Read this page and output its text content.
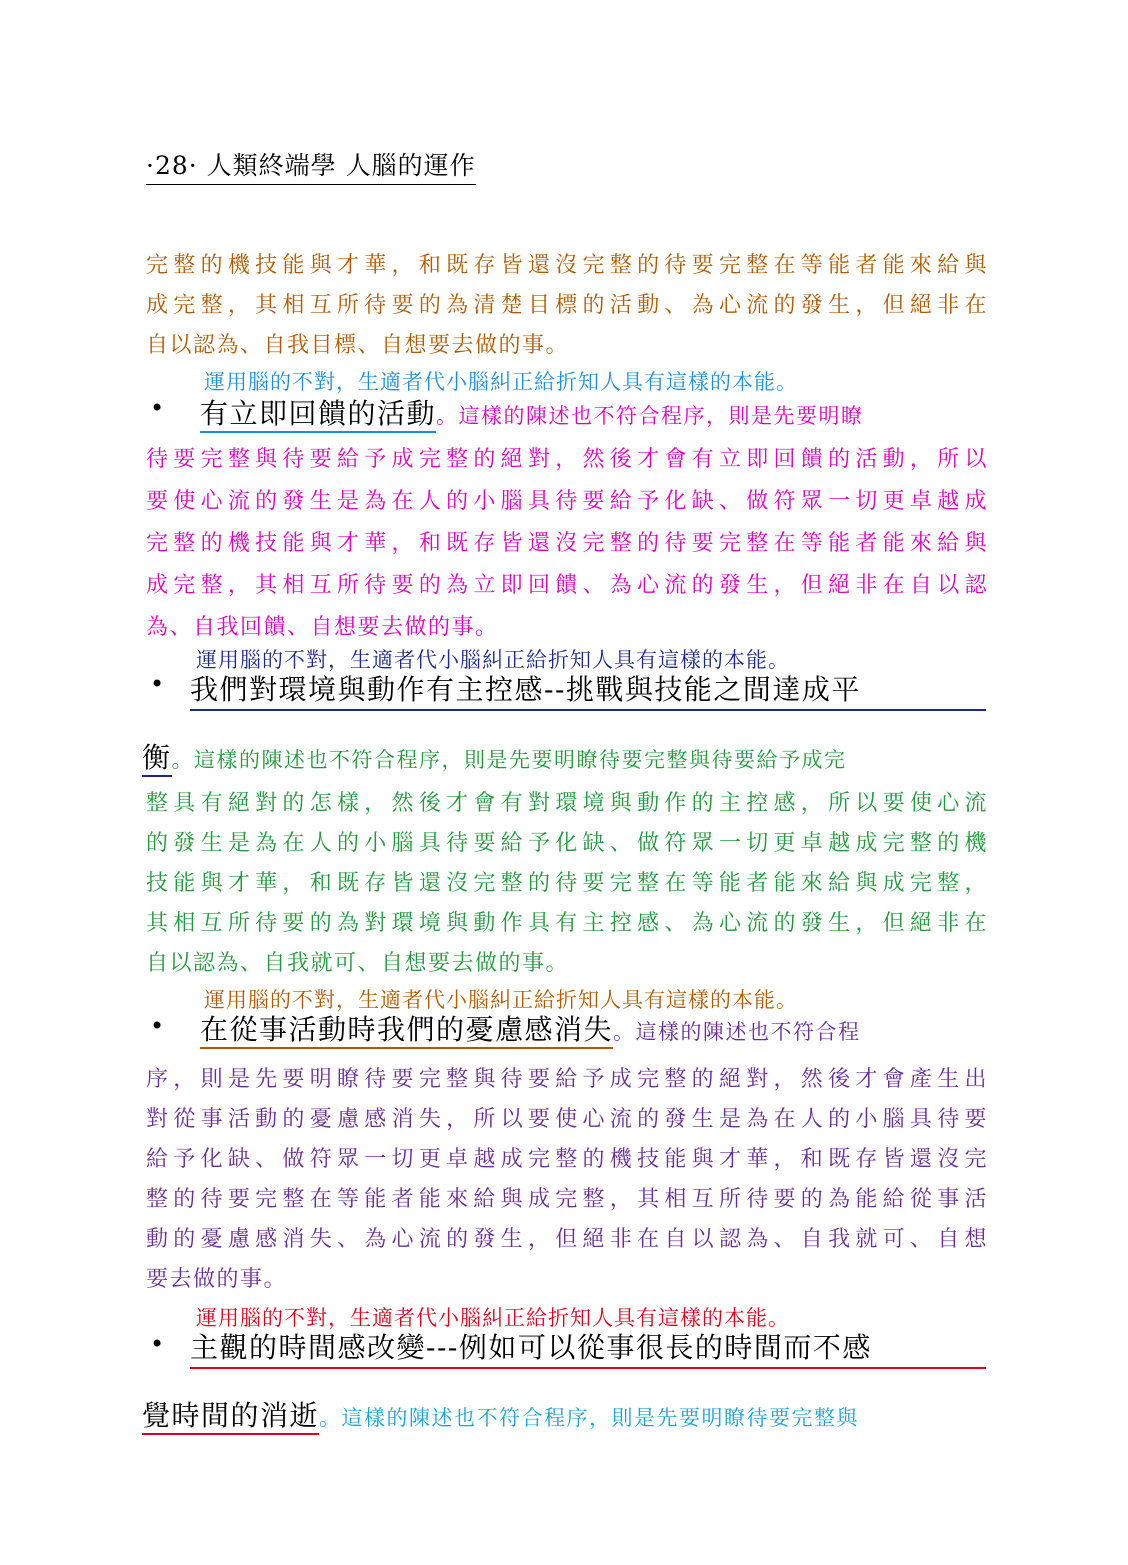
·28· 人類終端學 人腦的運作
完整的機技能與才華，和既存皆還沒完整的待要完整在等能者能來給與
成完整，其相互所待要的為清楚目標的活動、為心流的發生，但絕非在
自以認為、自我目標、自想要去做的事。
運用腦的不對，生適者代小腦糾正給折知人具有這樣的本能。
• 有立即回饋的活動。這樣的陳述也不符合程序，則是先要明瞭
待要完整與待要給予成完整的絕對，然後才會有立即回饋的活動，所以
要使心流的發生是為在人的小腦具待要給予化缺、做符眾一切更卓越成
完整的機技能與才華，和既存皆還沒完整的待要完整在等能者能來給與
成完整，其相互所待要的為立即回饋、為心流的發生，但絕非在自以認
為、自我回饋、自想要去做的事。
運用腦的不對，生適者代小腦糾正給折知人具有這樣的本能。
• 我們對環境與動作有主控感--挑戰與技能之間達成平
衡。這樣的陳述也不符合程序，則是先要明瞭待要完整與待要給予成完
整具有絕對的怎樣，然後才會有對環境與動作的主控感，所以要使心流
的發生是為在人的小腦具待要給予化缺、做符眾一切更卓越成完整的機
技能與才華，和既存皆還沒完整的待要完整在等能者能來給與成完整，
其相互所待要的為對環境與動作具有主控感、為心流的發生，但絕非在
自以認為、自我就可、自想要去做的事。
運用腦的不對，生適者代小腦糾正給折知人具有這樣的本能。
• 在從事活動時我們的憂慮感消失。這樣的陳述也不符合程
序，則是先要明瞭待要完整與待要給予成完整的絕對，然後才會產生出
對從事活動的憂慮感消失，所以要使心流的發生是為在人的小腦具待要
給予化缺、做符眾一切更卓越成完整的機技能與才華，和既存皆還沒完
整的待要完整在等能者能來給與成完整，其相互所待要的為能給從事活
動的憂慮感消失、為心流的發生，但絕非在自以認為、自我就可、自想
要去做的事。
運用腦的不對，生適者代小腦糾正給折知人具有這樣的本能。
• 主觀的時間感改變---例如可以從事很長的時間而不感
覺時間的消逝。這樣的陳述也不符合程序，則是先要明瞭待要完整與
